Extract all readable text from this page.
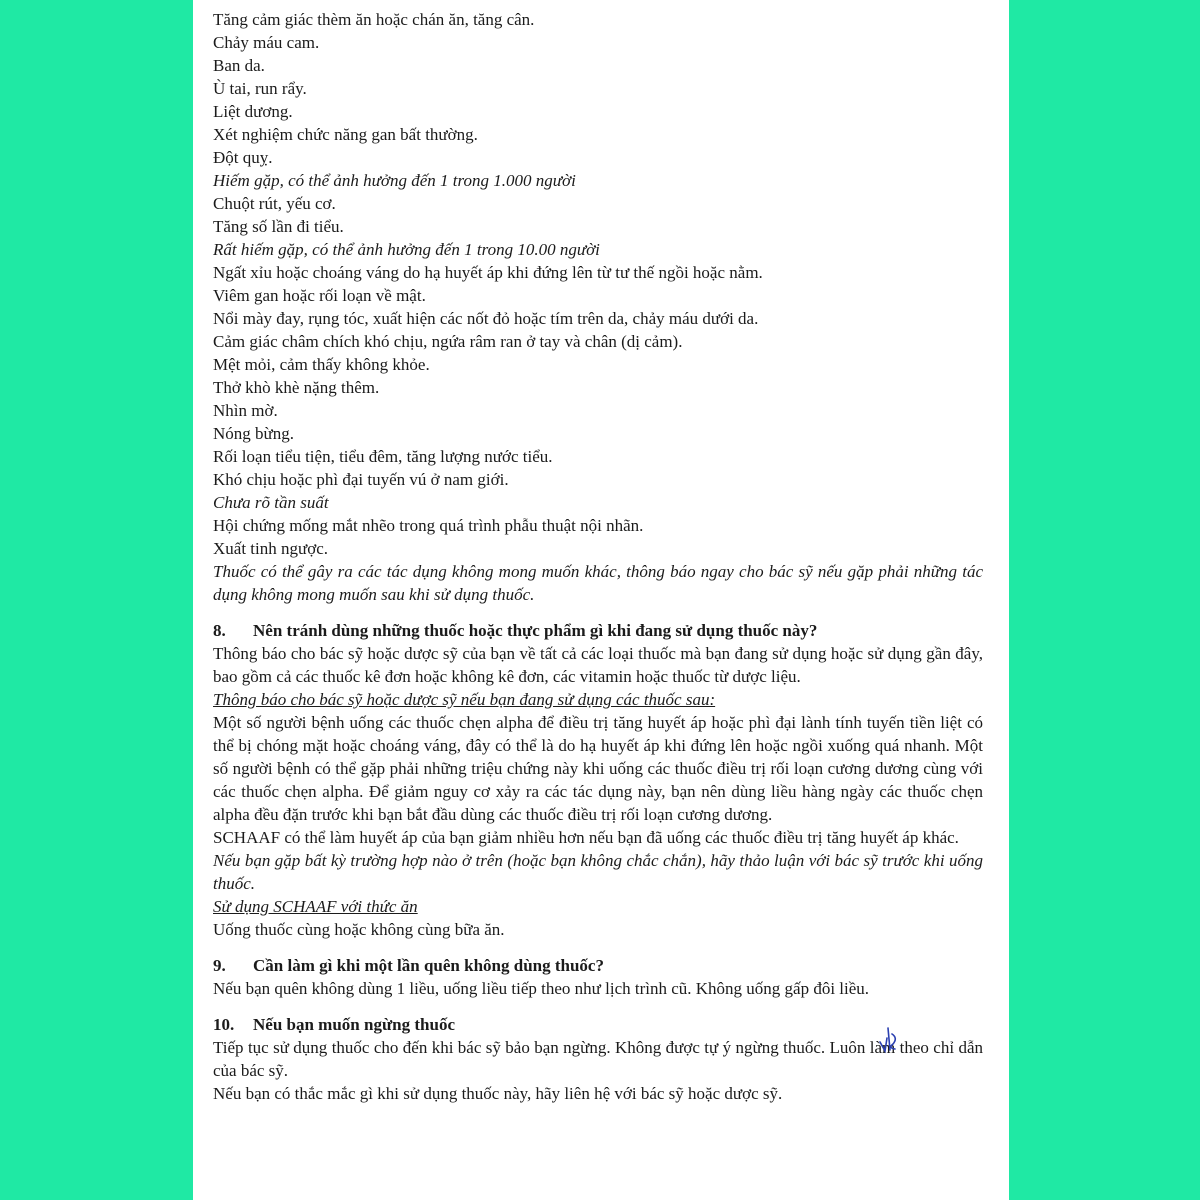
Tăng cảm giác thèm ăn hoặc chán ăn, tăng cân.
Chảy máu cam.
Ban da.
Ù tai, run rẩy.
Liệt dương.
Xét nghiệm chức năng gan bất thường.
Đột quỵ.
Hiếm gặp, có thể ảnh hưởng đến 1 trong 1.000 người
Chuột rút, yếu cơ.
Tăng số lần đi tiểu.
Rất hiếm gặp, có thể ảnh hưởng đến 1 trong 10.00 người
Ngất xỉu hoặc choáng váng do hạ huyết áp khi đứng lên từ tư thế ngồi hoặc nằm.
Viêm gan hoặc rối loạn về mật.
Nổi mày đay, rụng tóc, xuất hiện các nốt đỏ hoặc tím trên da, chảy máu dưới da.
Cảm giác châm chích khó chịu, ngứa râm ran ở tay và chân (dị cảm).
Mệt mỏi, cảm thấy không khỏe.
Thở khò khè nặng thêm.
Nhìn mờ.
Nóng bừng.
Rối loạn tiểu tiện, tiểu đêm, tăng lượng nước tiểu.
Khó chịu hoặc phì đại tuyến vú ở nam giới.
Chưa rõ tần suất
Hội chứng mống mắt nhẽo trong quá trình phẫu thuật nội nhãn.
Xuất tinh ngược.
Thuốc có thể gây ra các tác dụng không mong muốn khác, thông báo ngay cho bác sỹ nếu gặp phải những tác dụng không mong muốn sau khi sử dụng thuốc.
8. Nên tránh dùng những thuốc hoặc thực phẩm gì khi đang sử dụng thuốc này?
Thông báo cho bác sỹ hoặc dược sỹ của bạn về tất cả các loại thuốc mà bạn đang sử dụng hoặc sử dụng gần đây, bao gồm cả các thuốc kê đơn hoặc không kê đơn, các vitamin hoặc thuốc từ dược liệu.
Thông báo cho bác sỹ hoặc dược sỹ nếu bạn đang sử dụng các thuốc sau:
Một số người bệnh uống các thuốc chẹn alpha để điều trị tăng huyết áp hoặc phì đại lành tính tuyến tiền liệt có thể bị chóng mặt hoặc choáng váng, đây có thể là do hạ huyết áp khi đứng lên hoặc ngồi xuống quá nhanh. Một số người bệnh có thể gặp phải những triệu chứng này khi uống các thuốc điều trị rối loạn cương dương cùng với các thuốc chẹn alpha. Để giảm nguy cơ xảy ra các tác dụng này, bạn nên dùng liều hàng ngày các thuốc chẹn alpha đều đặn trước khi bạn bắt đầu dùng các thuốc điều trị rối loạn cương dương.
SCHAAF có thể làm huyết áp của bạn giảm nhiều hơn nếu bạn đã uống các thuốc điều trị tăng huyết áp khác.
Nếu bạn gặp bất kỳ trường hợp nào ở trên (hoặc bạn không chắc chắn), hãy thảo luận với bác sỹ trước khi uống thuốc.
Sử dụng SCHAAF với thức ăn
Uống thuốc cùng hoặc không cùng bữa ăn.
9. Cần làm gì khi một lần quên không dùng thuốc?
Nếu bạn quên không dùng 1 liều, uống liều tiếp theo như lịch trình cũ. Không uống gấp đôi liều.
10. Nếu bạn muốn ngừng thuốc
Tiếp tục sử dụng thuốc cho đến khi bác sỹ bảo bạn ngừng. Không được tự ý ngừng thuốc. Luôn làm theo chỉ dẫn của bác sỹ.
Nếu bạn có thắc mắc gì khi sử dụng thuốc này, hãy liên hệ với bác sỹ hoặc dược sỹ.
